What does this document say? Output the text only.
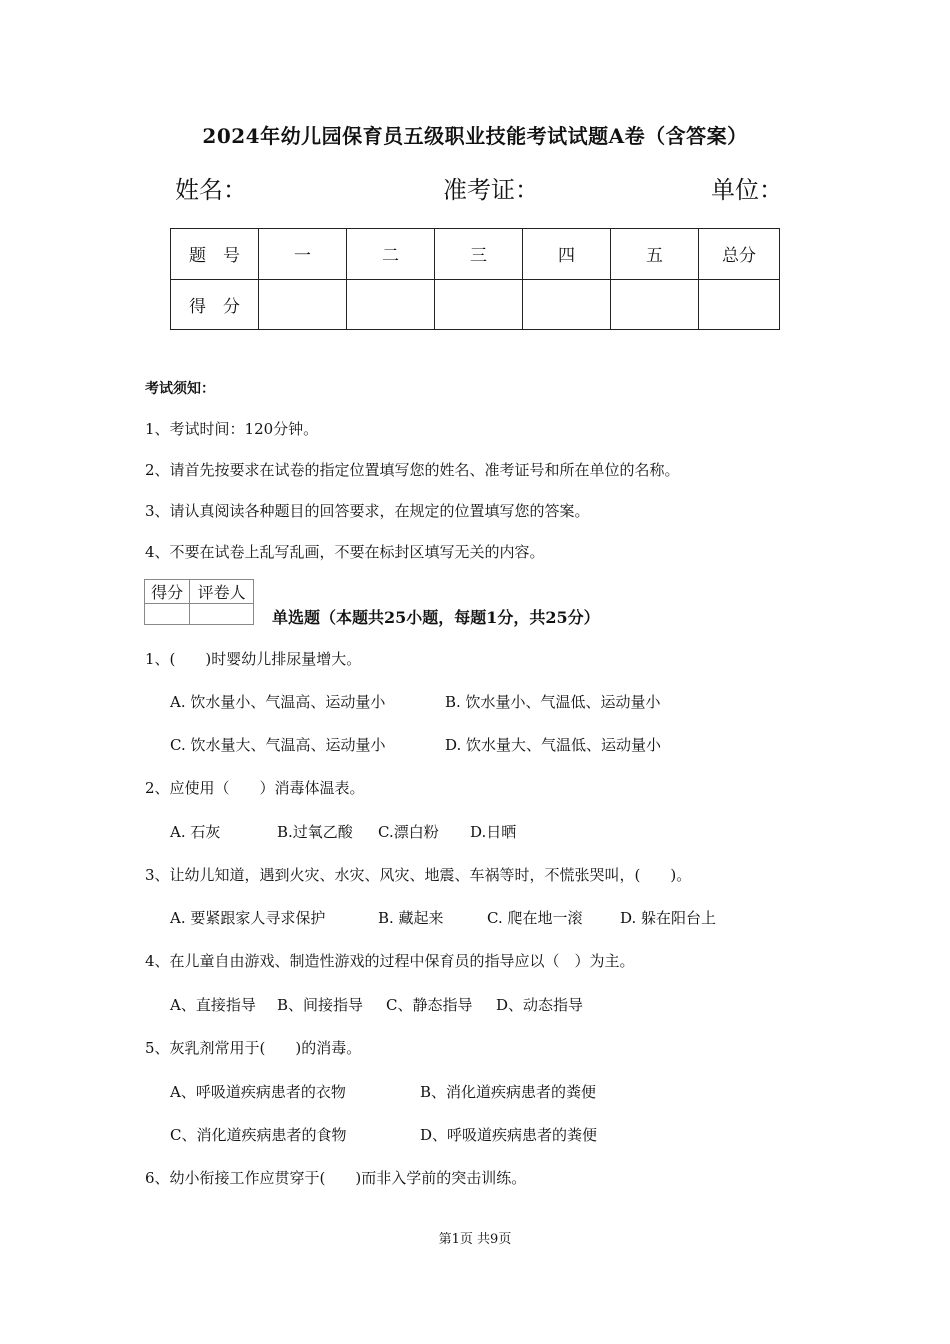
2024年幼儿园保育员五级职业技能考试试题A卷（含答案）
姓名：	准考证：	单位：
题　号	一	二	三	四	五	总分
得　分						
考试须知：
1、考试时间：120分钟。
2、请首先按要求在试卷的指定位置填写您的姓名、准考证号和所在单位的名称。
3、请认真阅读各种题目的回答要求，在规定的位置填写您的答案。
4、不要在试卷上乱写乱画，不要在标封区填写无关的内容。
得分	评卷人

单选题（本题共25小题，每题1分，共25分）
1、(　　)时婴幼儿排尿量增大。
A. 饮水量小、气温高、运动量小	B. 饮水量小、气温低、运动量小
C. 饮水量大、气温高、运动量小	D. 饮水量大、气温低、运动量小
2、应使用（　　）消毒体温表。
A. 石灰	B.过氧乙酸 C.漂白粉 D.日晒
3、让幼儿知道，遇到火灾、水灾、风灾、地震、车祸等时，不慌张哭叫，(　　)。
A. 要紧跟家人寻求保护	B. 藏起来	C. 爬在地一滚	D. 躲在阳台上
4、在儿童自由游戏、制造性游戏的过程中保育员的指导应以（　）为主。
A、直接指导 B、间接指导 C、静态指导 D、动态指导
5、灰乳剂常用于(　　)的消毒。
A、呼吸道疾病患者的衣物	B、消化道疾病患者的粪便
C、消化道疾病患者的食物	D、呼吸道疾病患者的粪便
6、幼小衔接工作应贯穿于(　　)而非入学前的突击训练。
第1页 共9页
